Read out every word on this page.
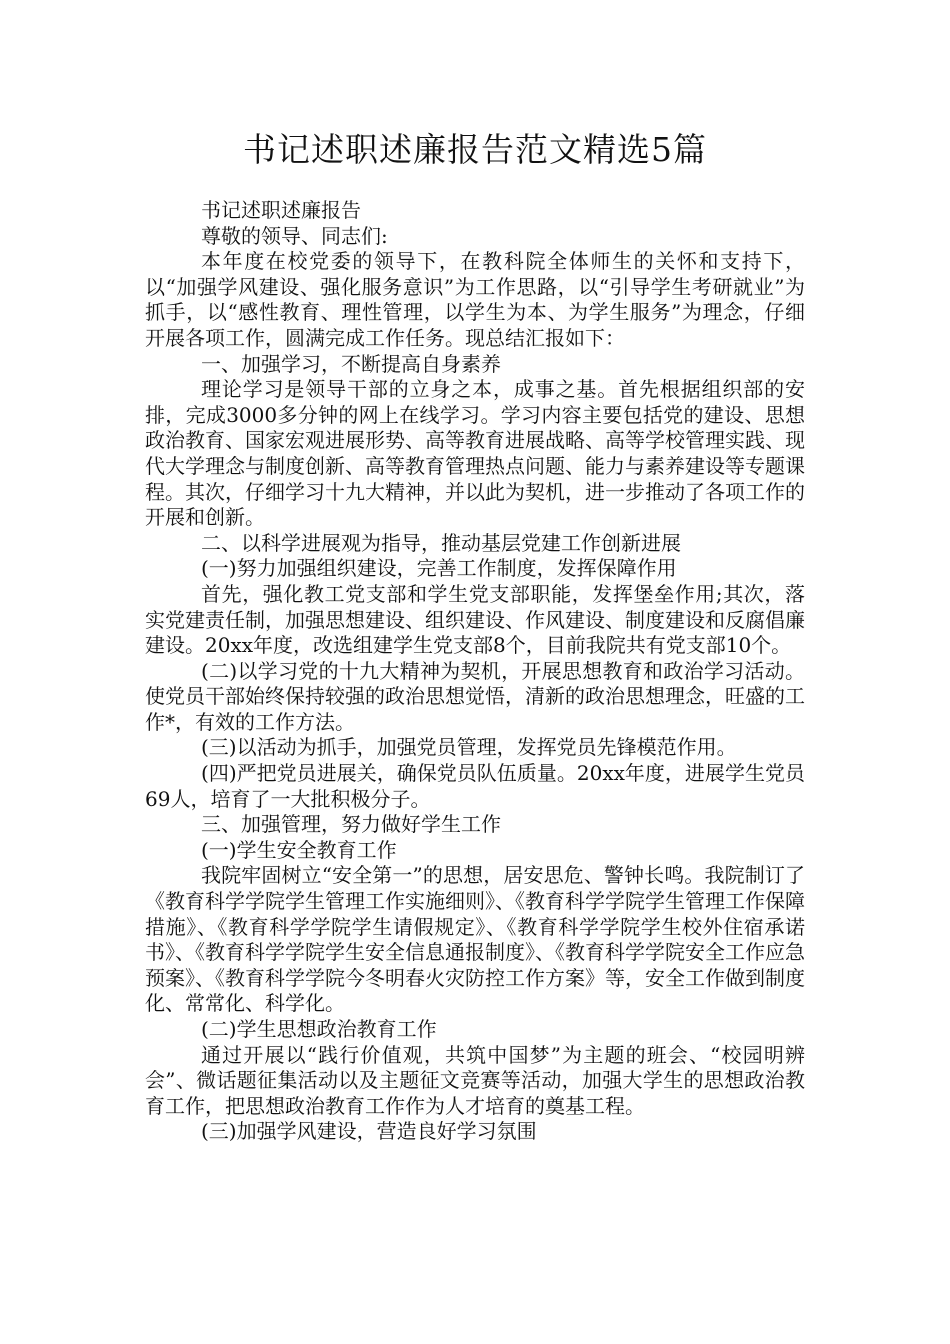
书记述职述廉报告范文精选5篇

书记述职述廉报告

尊敬的领导、同志们:

本年度在校党委的领导下，在教科院全体师生的关怀和支持下，以“加强学风建设、强化服务意识”为工作思路，以“引导学生考研就业”为抓手，以“感性教育、理性管理，以学生为本、为学生服务”为理念，仔细开展各项工作，圆满完成工作任务。现总结汇报如下：

一、加强学习，不断提高自身素养

理论学习是领导干部的立身之本，成事之基。首先根据组织部的安排，完成3000多分钟的网上在线学习。学习内容主要包括党的建设、思想政治教育、国家宏观进展形势、高等教育进展战略、高等学校管理实践、现代大学理念与制度创新、高等教育管理热点问题、能力与素养建设等专题课程。其次，仔细学习十九大精神，并以此为契机，进一步推动了各项工作的开展和创新。

二、以科学进展观为指导，推动基层党建工作创新进展

(一)努力加强组织建设，完善工作制度，发挥保障作用

首先，强化教工党支部和学生党支部职能，发挥堡垒作用;其次，落实党建责任制，加强思想建设、组织建设、作风建设、制度建设和反腐倡廉建设。20xx年度，改选组建学生党支部8个，目前我院共有党支部10个。

(二)以学习党的十九大精神为契机，开展思想教育和政治学习活动。使党员干部始终保持较强的政治思想觉悟，清新的政治思想理念，旺盛的工作*，有效的工作方法。

(三)以活动为抓手，加强党员管理，发挥党员先锋模范作用。

(四)严把党员进展关，确保党员队伍质量。20xx年度，进展学生党员69人，培育了一大批积极分子。

三、加强管理，努力做好学生工作

(一)学生安全教育工作

我院牢固树立“安全第一”的思想，居安思危、警钟长鸣。我院制订了《教育科学学院学生管理工作实施细则》、《教育科学学院学生管理工作保障措施》、《教育科学学院学生请假规定》、《教育科学学院学生校外住宿承诺书》、《教育科学学院学生安全信息通报制度》、《教育科学学院安全工作应急预案》、《教育科学学院今冬明春火灾防控工作方案》等，安全工作做到制度化、常常化、科学化。

(二)学生思想政治教育工作

通过开展以“践行价值观，共筑中国梦”为主题的班会、“校园明辨会”、微话题征集活动以及主题征文竞赛等活动，加强大学生的思想政治教育工作，把思想政治教育工作作为人才培育的奠基工程。

(三)加强学风建设，营造良好学习氛围
